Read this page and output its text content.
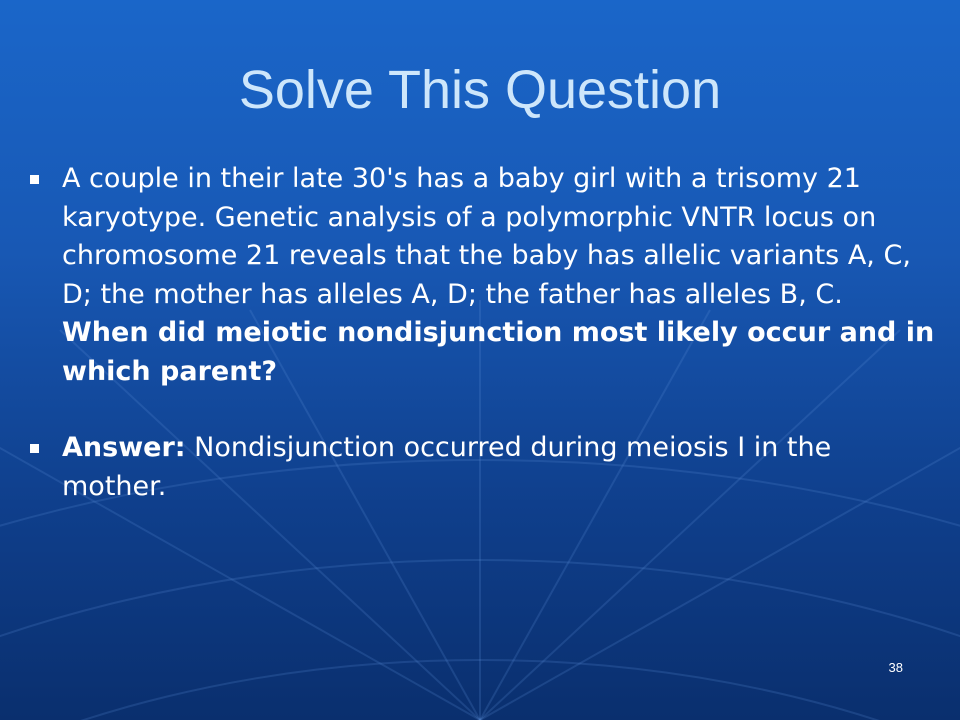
Solve This Question
A couple in their late 30's has a baby girl with a trisomy 21 karyotype. Genetic analysis of a polymorphic VNTR locus on chromosome 21 reveals that the baby has allelic variants A, C, D; the mother has alleles A, D; the father has alleles B, C.
When did meiotic nondisjunction most likely occur and in which parent?
Answer: Nondisjunction occurred during meiosis I in the mother.
38
